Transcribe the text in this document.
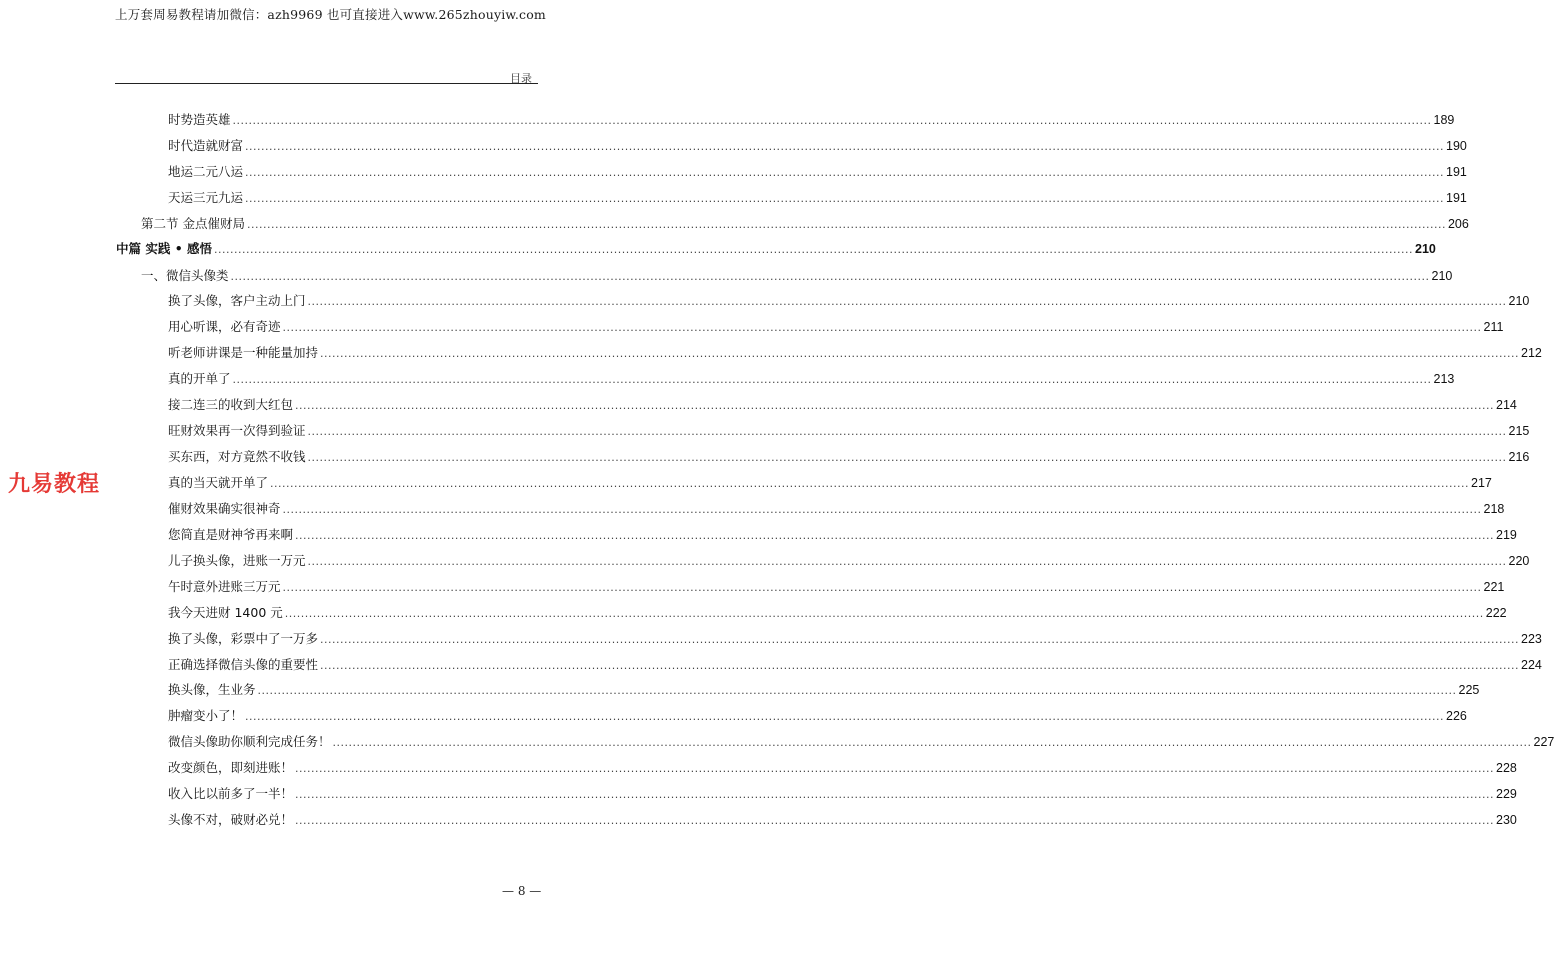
上万套周易教程请加微信：azh9969 也可直接进入www.265zhouyiw.com
目录
时势造英雄 ............................................................................................................................................................................................................................................................................................................ 189
时代造就财富 ............................................................................................................................................................................................................................................................................................................ 190
地运二元八运 ............................................................................................................................................................................................................................................................................................................ 191
天运三元九运 ............................................................................................................................................................................................................................................................................................................ 191
第二节 金点催财局 ............................................................................................................................................................................................................................................................................................................ 206
中篇 实践 • 感悟 ............................................................................................................................................................................................................................................................................................................ 210
一、微信头像类 ............................................................................................................................................................................................................................................................................................................ 210
换了头像，客户主动上门 ............................................................................................................................................................................................................................................................................................................ 210
用心听课，必有奇迹 ............................................................................................................................................................................................................................................................................................................ 211
听老师讲课是一种能量加持 ............................................................................................................................................................................................................................................................................................................ 212
真的开单了 ............................................................................................................................................................................................................................................................................................................ 213
接二连三的收到大红包 ............................................................................................................................................................................................................................................................................................................ 214
旺财效果再一次得到验证 ............................................................................................................................................................................................................................................................................................................ 215
买东西，对方竟然不收钱 ............................................................................................................................................................................................................................................................................................................ 216
真的当天就开单了 ............................................................................................................................................................................................................................................................................................................ 217
催财效果确实很神奇 ............................................................................................................................................................................................................................................................................................................ 218
您简直是财神爷再来啊 ............................................................................................................................................................................................................................................................................................................ 219
儿子换头像，进账一万元 ............................................................................................................................................................................................................................................................................................................ 220
午时意外进账三万元 ............................................................................................................................................................................................................................................................................................................ 221
我今天进财 1400 元 ............................................................................................................................................................................................................................................................................................................ 222
换了头像，彩票中了一万多 ............................................................................................................................................................................................................................................................................................................ 223
正确选择微信头像的重要性 ............................................................................................................................................................................................................................................................................................................ 224
换头像，生业务 ............................................................................................................................................................................................................................................................................................................ 225
肿瘤变小了！ ............................................................................................................................................................................................................................................................................................................ 226
微信头像助你顺利完成任务！ ............................................................................................................................................................................................................................................................................................................ 227
改变颜色，即刻进账！ ............................................................................................................................................................................................................................................................................................................ 228
收入比以前多了一半！ ............................................................................................................................................................................................................................................................................................................ 229
头像不对，破财必兑！ ............................................................................................................................................................................................................................................................................................................ 230
九易教程
— 8 —
